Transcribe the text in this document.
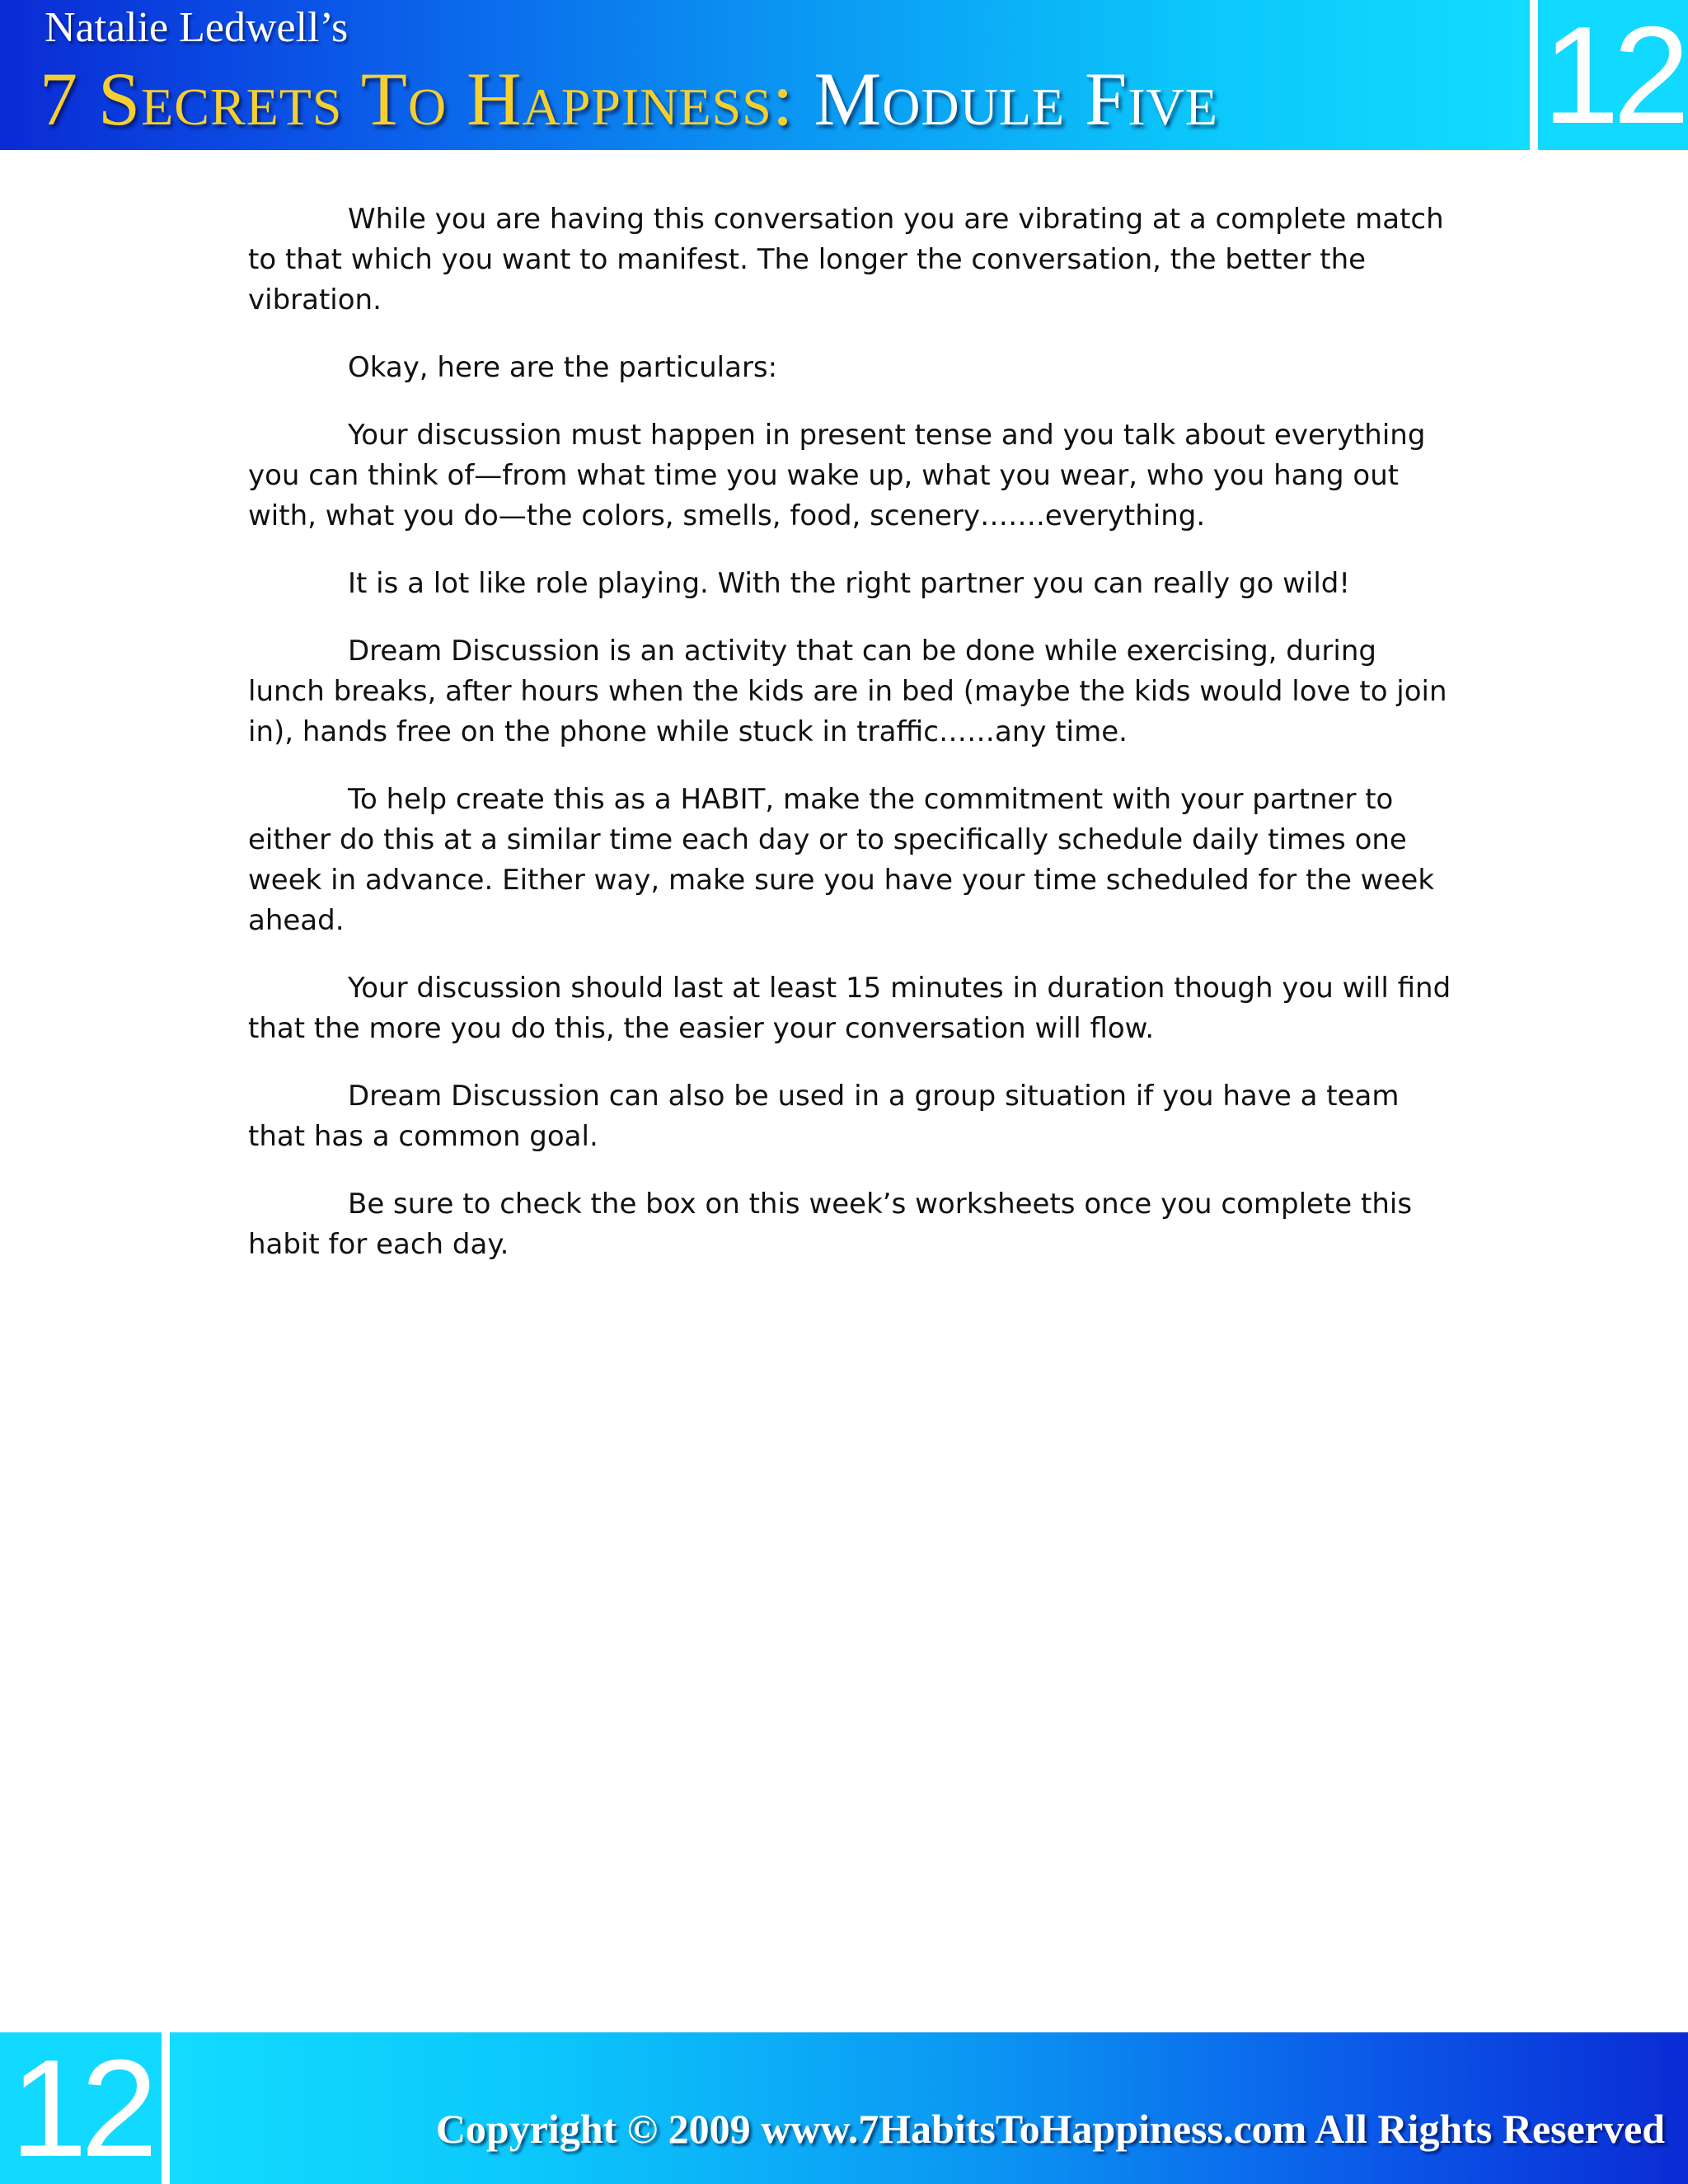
Natalie Ledwell’s
7 Secrets To Happiness: Module Five 12

While you are having this conversation you are vibrating at a complete match to that which you want to manifest. The longer the conversation, the better the vibration.

Okay, here are the particulars:

Your discussion must happen in present tense and you talk about everything you can think of—from what time you wake up, what you wear, who you hang out with, what you do—the colors, smells, food, scenery…….everything.

It is a lot like role playing. With the right partner you can really go wild!

Dream Discussion is an activity that can be done while exercising, during lunch breaks, after hours when the kids are in bed (maybe the kids would love to join in), hands free on the phone while stuck in traffic……any time.

To help create this as a HABIT, make the commitment with your partner to either do this at a similar time each day or to specifically schedule daily times one week in advance. Either way, make sure you have your time scheduled for the week ahead.

Your discussion should last at least 15 minutes in duration though you will find that the more you do this, the easier your conversation will flow.

Dream Discussion can also be used in a group situation if you have a team that has a common goal.

Be sure to check the box on this week’s worksheets once you complete this habit for each day.

12	Copyright © 2009 www.7HabitsToHappiness.com All Rights Reserved
